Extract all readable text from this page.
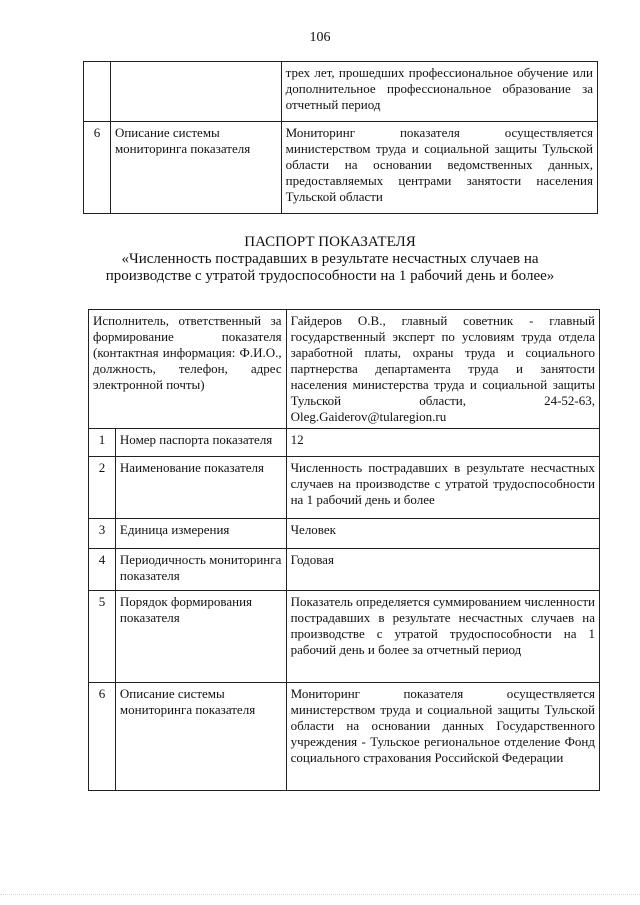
106
		трех лет, прошедших профессиональное обучение или дополнительное профессиональное образование за отчетный период
6	Описание системы мониторинга показателя	Мониторинг показателя осуществляется министерством труда и социальной защиты Тульской области на основании ведомственных данных, предоставляемых центрами занятости населения Тульской области
ПАСПОРТ ПОКАЗАТЕЛЯ
«Численность пострадавших в результате несчастных случаев на
производстве с утратой трудоспособности на 1 рабочий день и более»
Исполнитель, ответственный за формирование показателя (контактная информация: Ф.И.О., должность, телефон, адрес электронной почты)		Гайдеров О.В., главный советник - главный государственный эксперт по условиям труда отдела заработной платы, охраны труда и социального партнерства департамента труда и занятости населения министерства труда и социальной защиты Тульской области, 24-52-63, Oleg.Gaiderov@tularegion.ru
1	Номер паспорта показателя	12
2	Наименование показателя	Численность пострадавших в результате несчастных случаев на производстве с утратой трудоспособности на 1 рабочий день и более
3	Единица измерения	Человек
4	Периодичность мониторинга показателя	Годовая
5	Порядок формирования показателя	Показатель определяется суммированием численности пострадавших в результате несчастных случаев на производстве с утратой трудоспособности на 1 рабочий день и более за отчетный период
6	Описание системы мониторинга показателя	Мониторинг показателя осуществляется министерством труда и социальной защиты Тульской области на основании данных Государственного учреждения - Тульское региональное отделение Фонд социального страхования Российской Федерации
